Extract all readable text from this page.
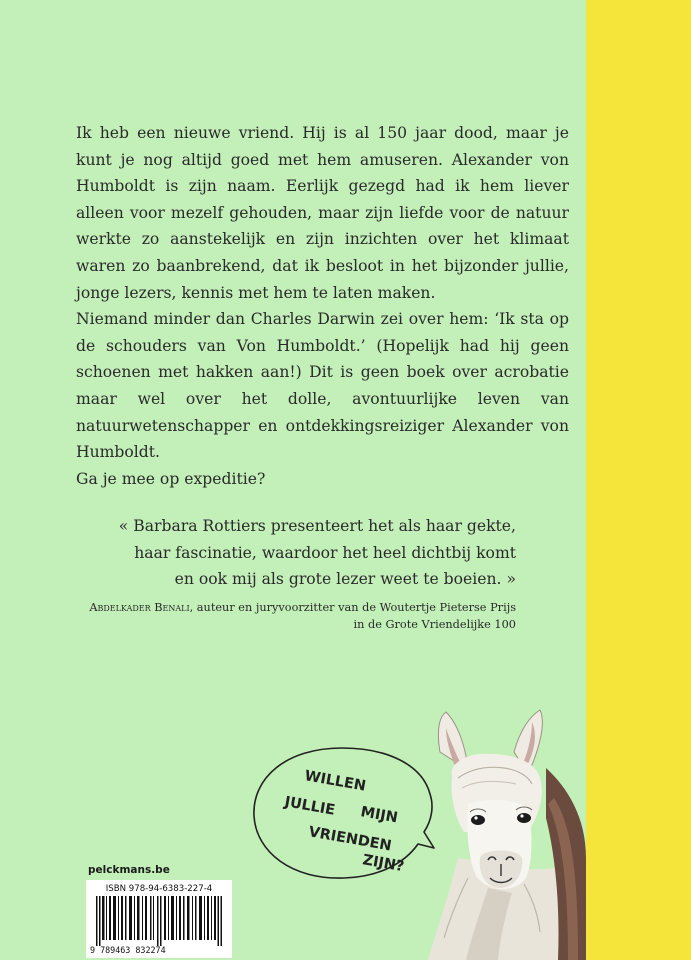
Ik heb een nieuwe vriend. Hij is al 150 jaar dood, maar je kunt je nog altijd goed met hem amuseren. Alexander von Humboldt is zijn naam. Eerlijk gezegd had ik hem liever alleen voor mezelf gehouden, maar zijn liefde voor de natuur werkte zo aanstekelijk en zijn inzichten over het klimaat waren zo baanbrekend, dat ik besloot in het bijzonder jullie, jonge lezers, kennis met hem te laten maken.

Niemand minder dan Charles Darwin zei over hem: ‘Ik sta op de schouders van Von Humboldt.’ (Hopelijk had hij geen schoenen met hakken aan!) Dit is geen boek over acrobatie maar wel over het dolle, avontuurlijke leven van natuurwetenschapper en ontdekkingsreiziger Alexander von Humboldt.

Ga je mee op expeditie?

« Barbara Rottiers presenteert het als haar gekte,
haar fascinatie, waardoor het heel dichtbij komt
en ook mij als grote lezer weet te boeien. »
Abdelkader Benali, auteur en juryvoorzitter van de Woutertje Pieterse Prijs
in de Grote Vriendelijke 100
WILLEN
JULLIE MIJN
VRIENDEN
ZIJN?
pelckmans.be
ISBN 978-94-6383-227-4
9 789463 832274
